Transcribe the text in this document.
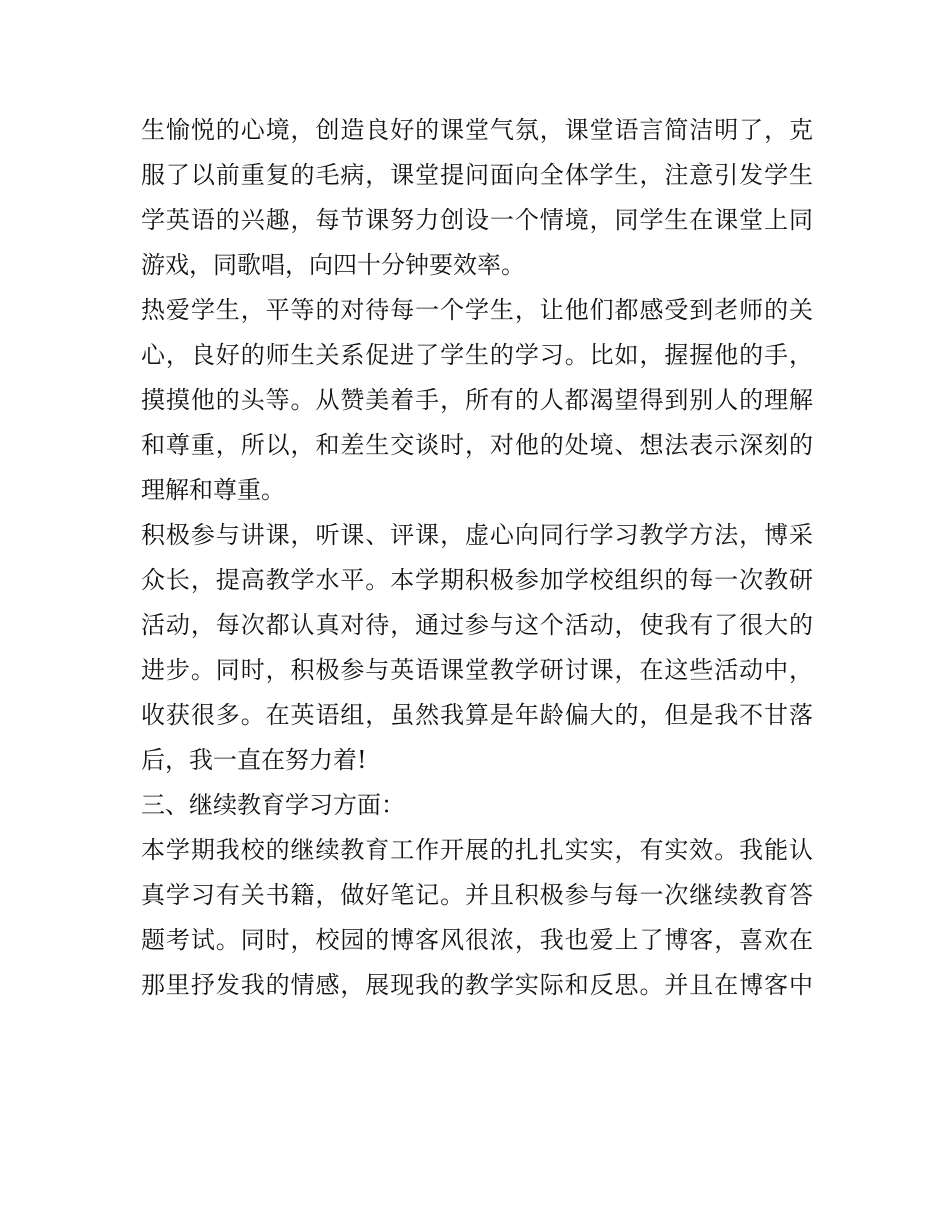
生愉悦的心境，创造良好的课堂气氛，课堂语言简洁明了，克
服了以前重复的毛病，课堂提问面向全体学生，注意引发学生
学英语的兴趣，每节课努力创设一个情境，同学生在课堂上同
游戏，同歌唱，向四十分钟要效率。
热爱学生，平等的对待每一个学生，让他们都感受到老师的关
心，良好的师生关系促进了学生的学习。比如，握握他的手，
摸摸他的头等。从赞美着手，所有的人都渴望得到别人的理解
和尊重，所以，和差生交谈时，对他的处境、想法表示深刻的
理解和尊重。
积极参与讲课，听课、评课，虚心向同行学习教学方法，博采
众长，提高教学水平。本学期积极参加学校组织的每一次教研
活动，每次都认真对待，通过参与这个活动，使我有了很大的
进步。同时，积极参与英语课堂教学研讨课，在这些活动中，
收获很多。在英语组，虽然我算是年龄偏大的，但是我不甘落
后，我一直在努力着!
三、继续教育学习方面：
本学期我校的继续教育工作开展的扎扎实实，有实效。我能认
真学习有关书籍，做好笔记。并且积极参与每一次继续教育答
题考试。同时，校园的博客风很浓，我也爱上了博客，喜欢在
那里抒发我的情感，展现我的教学实际和反思。并且在博客中
